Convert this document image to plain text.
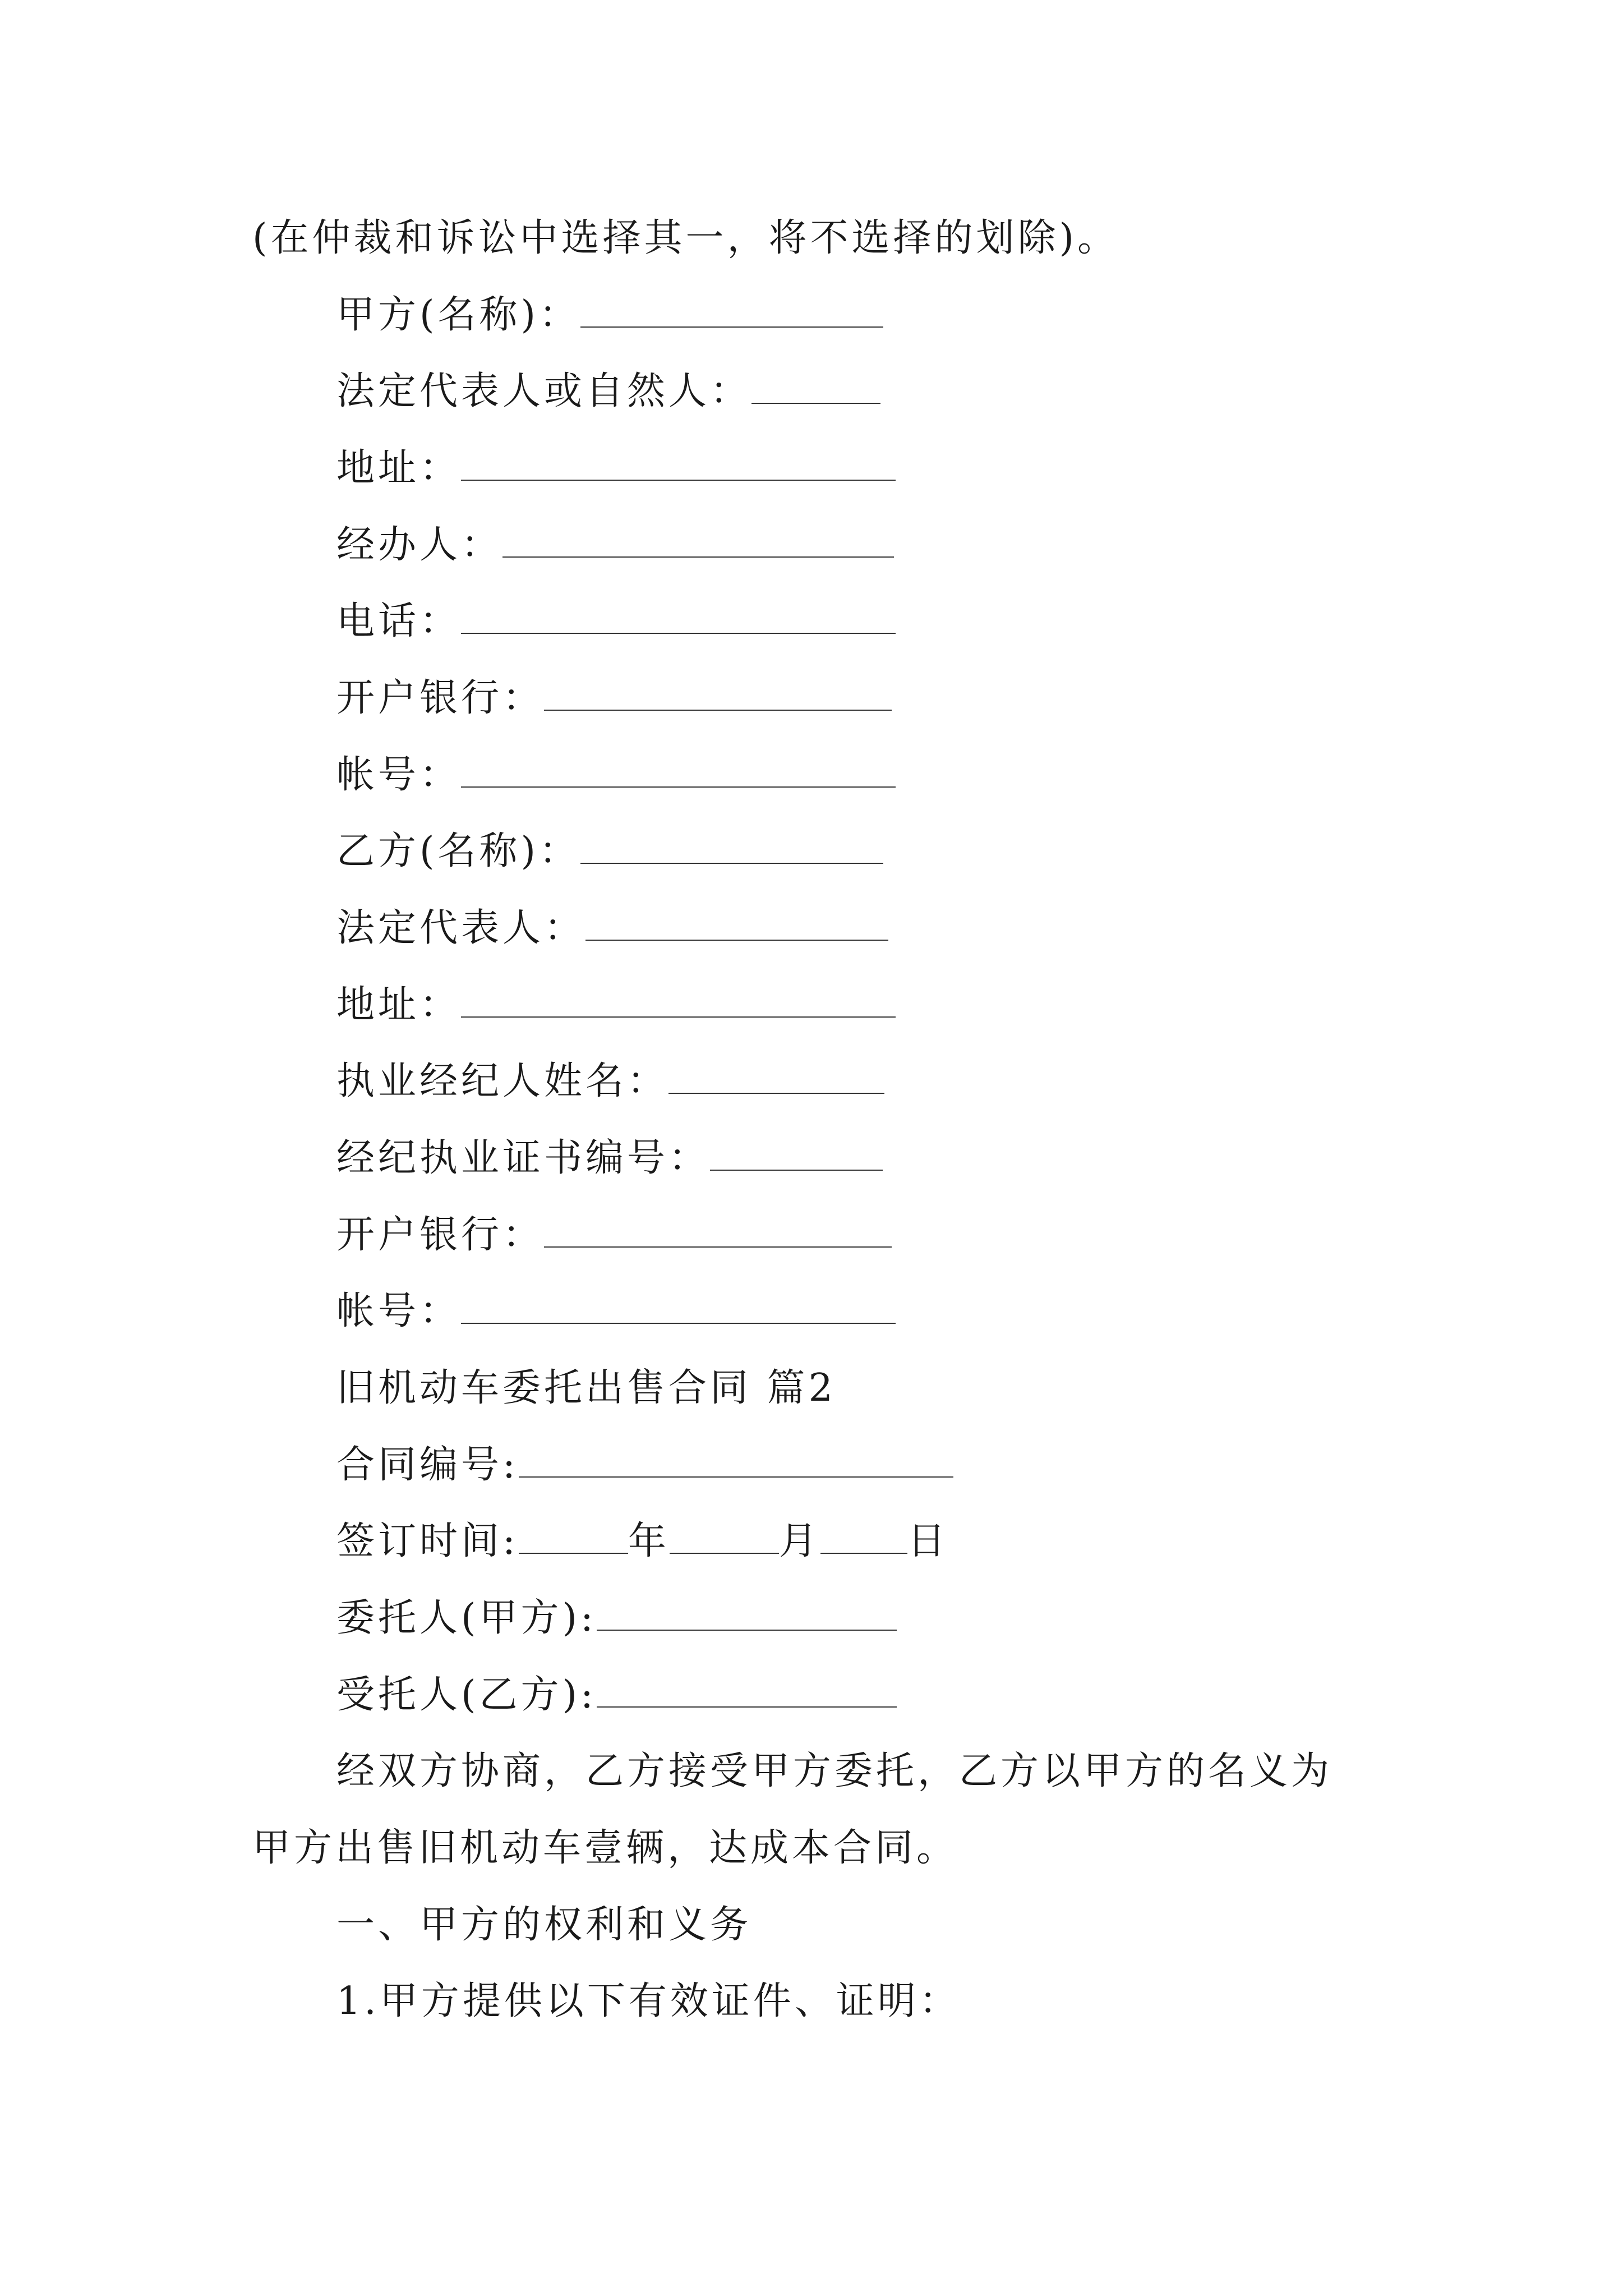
(在仲裁和诉讼中选择其一，将不选择的划除)。
甲方(名称)：
法定代表人或自然人：
地址：
经办人：
电话：
开户银行：
帐号：
乙方(名称)：
法定代表人：
地址：
执业经纪人姓名：
经纪执业证书编号：
开户银行：
帐号：
旧机动车委托出售合同 篇2
合同编号:
签订时间:	年	月 日
委托人(甲方):
受托人(乙方):
经双方协商，乙方接受甲方委托，乙方以甲方的名义为
甲方出售旧机动车壹辆，达成本合同。
一、甲方的权利和义务
1.甲方提供以下有效证件、证明：
